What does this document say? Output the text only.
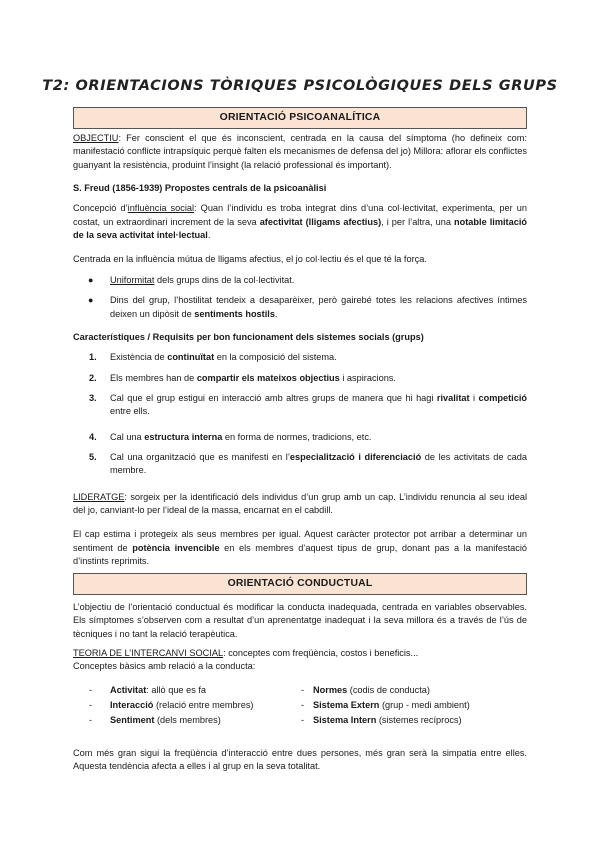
T2: ORIENTACIONS TÒRIQUES PSICOLÒGIQUES DELS GRUPS
ORIENTACIÓ PSICOANALÍTICA

OBJECTIU: Fer conscient el que és inconscient, centrada en la causa del símptoma (ho defineix com: manifestació conflicte intrapsíquic perquè falten els mecanismes de defensa del jo) Millora: aflorar els conflictes guanyant la resistència, produint l’insight (la relació professional és important).

S. Freud (1856-1939) Propostes centrals de la psicoanàlisi

Concepció d’influència social: Quan l’individu es troba integrat dins d’una col·lectivitat, experimenta, per un costat, un extraordinari increment de la seva afectivitat (lligams afectius), i per l’altra, una notable limitació de la seva activitat intel·lectual.

Centrada en la influència mútua de lligams afectius, el jo col·lectiu és el que té la força.

● Uniformitat dels grups dins de la col·lectivitat.
● Dins del grup, l’hostilitat tendeix a desaparèixer, però gairebé totes les relacions afectives íntimes deixen un dipòsit de sentiments hostils.

Característiques / Requisits per bon funcionament dels sistemes socials (grups)

1. Existència de continuïtat en la composició del sistema.
2. Els membres han de compartir els mateixos objectius i aspiracions.
3. Cal que el grup estigui en interacció amb altres grups de manera que hi hagi rivalitat i competició entre ells.
4. Cal una estructura interna en forma de normes, tradicions, etc.
5. Cal una organització que es manifesti en l’especialització i diferenciació de les activitats de cada membre.

LIDERATGE: sorgeix per la identificació dels individus d’un grup amb un cap. L’individu renuncia al seu ideal del jo, canviant-lo per l’ideal de la massa, encarnat en el cabdill.

El cap estima i protegeix als seus membres per igual. Aquest caràcter protector pot arribar a determinar un sentiment de potència invencible en els membres d’aquest tipus de grup, donant pas a la manifestació d’instints reprimits.

ORIENTACIÓ CONDUCTUAL

L’objectiu de l’orientació conductual és modificar la conducta inadequada, centrada en variables observables. Els símptomes s’observen com a resultat d’un aprenentatge inadequat i la seva millora és a través de l’ús de tècniques i no tant la relació terapèutica.

TEORIA DE L’INTERCANVI SOCIAL: conceptes com freqüència, costos i beneficis...

Conceptes bàsics amb relació a la conducta:

- Activitat: allò que es fa
- Interacció (relació entre membres)
- Sentiment (dels membres)
- Normes (codis de conducta)
- Sistema Extern (grup - medi ambient)
- Sistema Intern (sistemes recíprocs)

Com més gran sigui la freqüència d’interacció entre dues persones, més gran serà la simpatia entre elles. Aquesta tendència afecta a elles i al grup en la seva totalitat.
